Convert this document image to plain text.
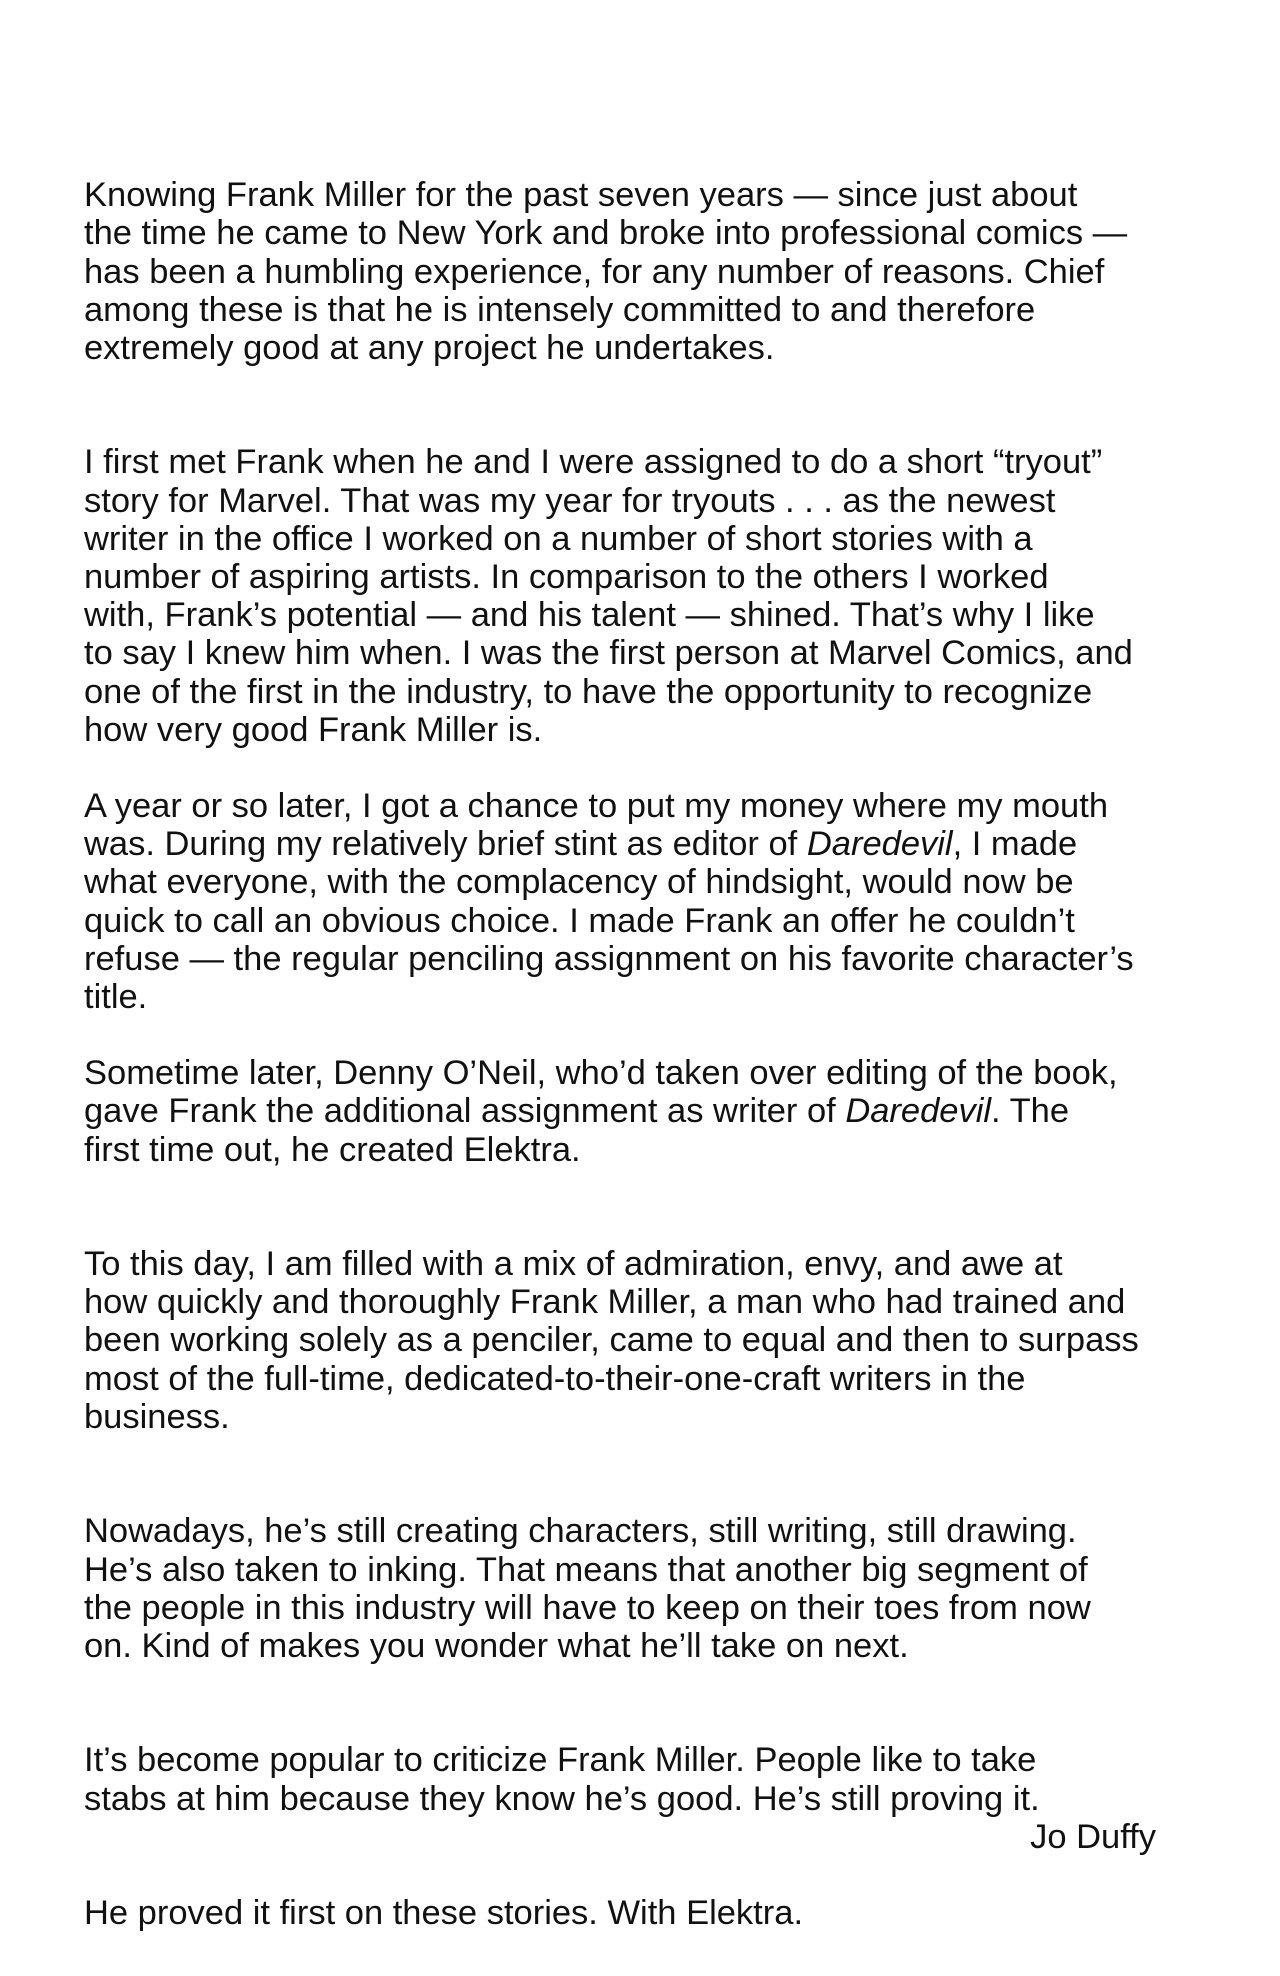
Knowing Frank Miller for the past seven years — since just about
the time he came to New York and broke into professional comics —
has been a humbling experience, for any number of reasons. Chief
among these is that he is intensely committed to and therefore
extremely good at any project he undertakes.

I first met Frank when he and I were assigned to do a short “tryout”
story for Marvel. That was my year for tryouts . . . as the newest
writer in the office I worked on a number of short stories with a
number of aspiring artists. In comparison to the others I worked
with, Frank’s potential — and his talent — shined. That’s why I like
to say I knew him when. I was the first person at Marvel Comics, and
one of the first in the industry, to have the opportunity to recognize
how very good Frank Miller is.

A year or so later, I got a chance to put my money where my mouth
was. During my relatively brief stint as editor of Daredevil, I made
what everyone, with the complacency of hindsight, would now be
quick to call an obvious choice. I made Frank an offer he couldn’t
refuse — the regular penciling assignment on his favorite character’s
title.

Sometime later, Denny O’Neil, who’d taken over editing of the book,
gave Frank the additional assignment as writer of Daredevil. The
first time out, he created Elektra.

To this day, I am filled with a mix of admiration, envy, and awe at
how quickly and thoroughly Frank Miller, a man who had trained and
been working solely as a penciler, came to equal and then to surpass
most of the full-time, dedicated-to-their-one-craft writers in the
business.

Nowadays, he’s still creating characters, still writing, still drawing.
He’s also taken to inking. That means that another big segment of
the people in this industry will have to keep on their toes from now
on. Kind of makes you wonder what he’ll take on next.

It’s become popular to criticize Frank Miller. People like to take
stabs at him because they know he’s good. He’s still proving it.

He proved it first on these stories. With Elektra.

Jo Duffy
